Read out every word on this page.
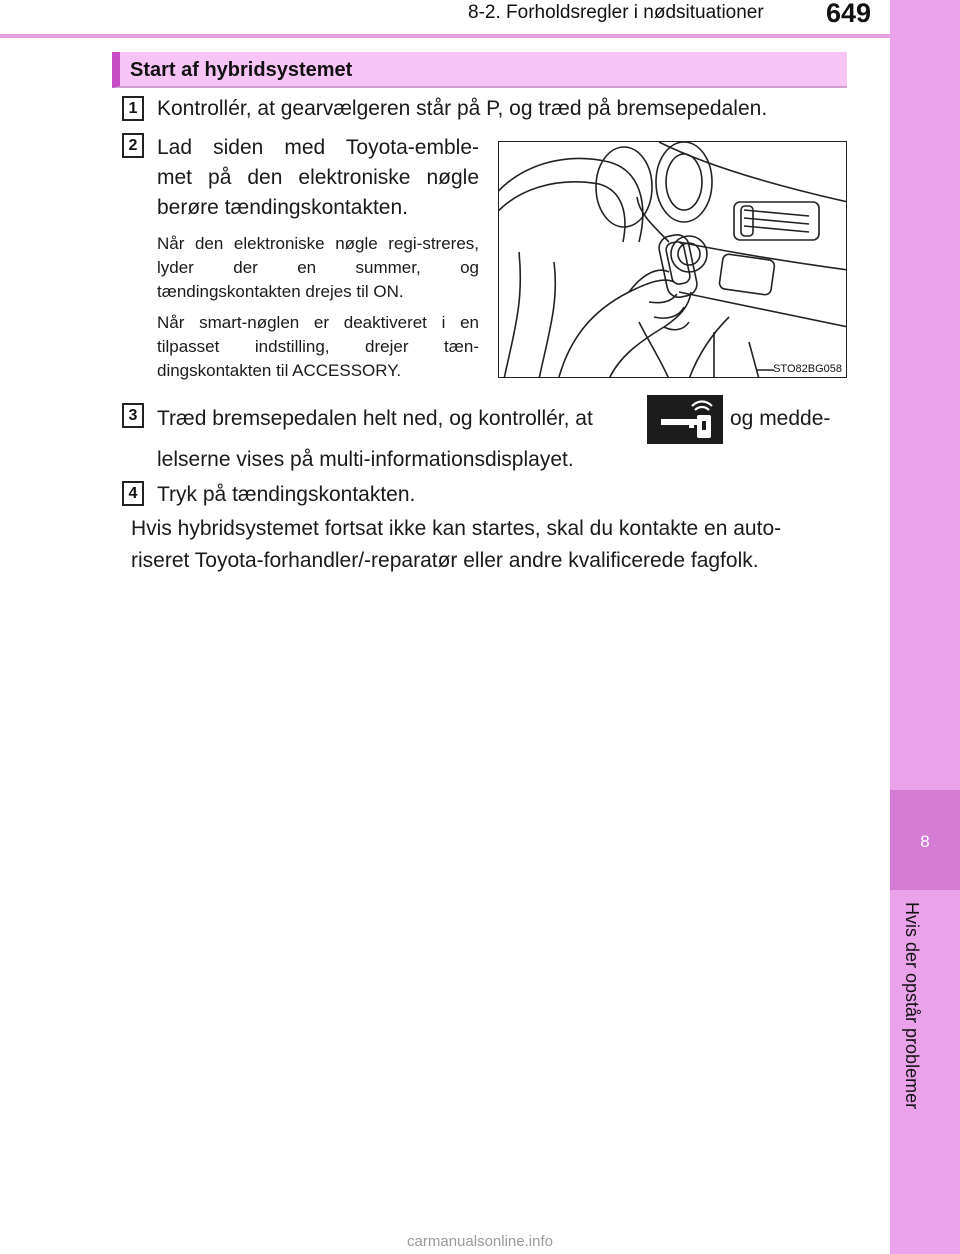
8-2. Forholdsregler i nødsituationer 649
8
Hvis der opstår problemer
Start af hybridsystemet
1 Kontrollér, at gearvælgeren står på P, og træd på bremsepedalen.
2 Lad siden med Toyota-emble-
met på den elektroniske nøgle
berøre tændingskontakten.
Når den elektroniske nøgle regi-streres, lyder der en summer, og tændingskontakten drejes til ON.
Når smart-nøglen er deaktiveret i en tilpasset indstilling, drejer tæn-dingskontakten til ACCESSORY.	STO82BG058
3 Træd bremsepedalen helt ned, og kontrollér, at	og medde-
lelserne vises på multi-informationsdisplayet.
4 Tryk på tændingskontakten.
Hvis hybridsystemet fortsat ikke kan startes, skal du kontakte en auto-
riseret Toyota-forhandler/-reparatør eller andre kvalificerede fagfolk.
carmanualsonline.info
